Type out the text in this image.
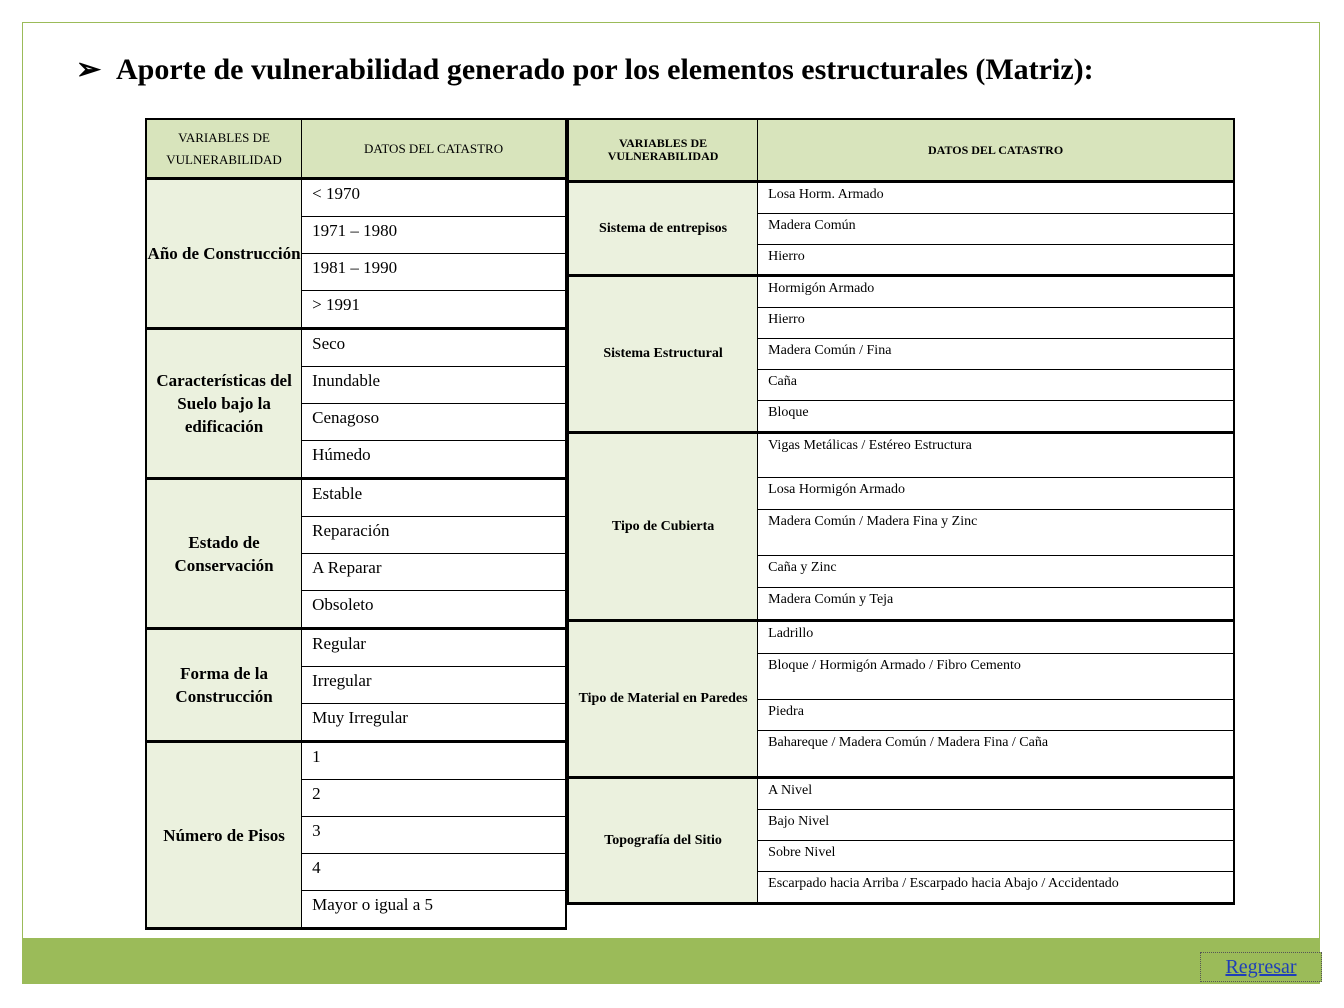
➢ Aporte de vulnerabilidad generado por los elementos estructurales (Matriz):
VARIABLES DE VULNERABILIDAD	DATOS DEL CATASTRO
Año de Construcción	< 1970
	1971 – 1980
	1981 – 1990
	> 1991
Características del Suelo bajo la edificación	Seco
	Inundable
	Cenagoso
	Húmedo
Estado de Conservación	Estable
	Reparación
	A Reparar
	Obsoleto
Forma de la Construcción	Regular
	Irregular
	Muy Irregular
Número de Pisos	1
	2
	3
	4
	Mayor o igual a 5
VARIABLES DE VULNERABILIDAD	DATOS DEL CATASTRO
Sistema de entrepisos	Losa Horm. Armado
	Madera Común
	Hierro
Sistema Estructural	Hormigón Armado
	Hierro
	Madera Común / Fina
	Caña
	Bloque
Tipo de Cubierta	Vigas Metálicas / Estéreo Estructura
	Losa Hormigón Armado
	Madera Común / Madera Fina y Zinc
	Caña y Zinc
	Madera Común y Teja
Tipo de Material en Paredes	Ladrillo
	Bloque / Hormigón Armado / Fibro Cemento
	Piedra
	Bahareque / Madera Común / Madera Fina / Caña
Topografía del Sitio	A Nivel
	Bajo Nivel
	Sobre Nivel
	Escarpado hacia Arriba / Escarpado hacia Abajo / Accidentado
Regresar
